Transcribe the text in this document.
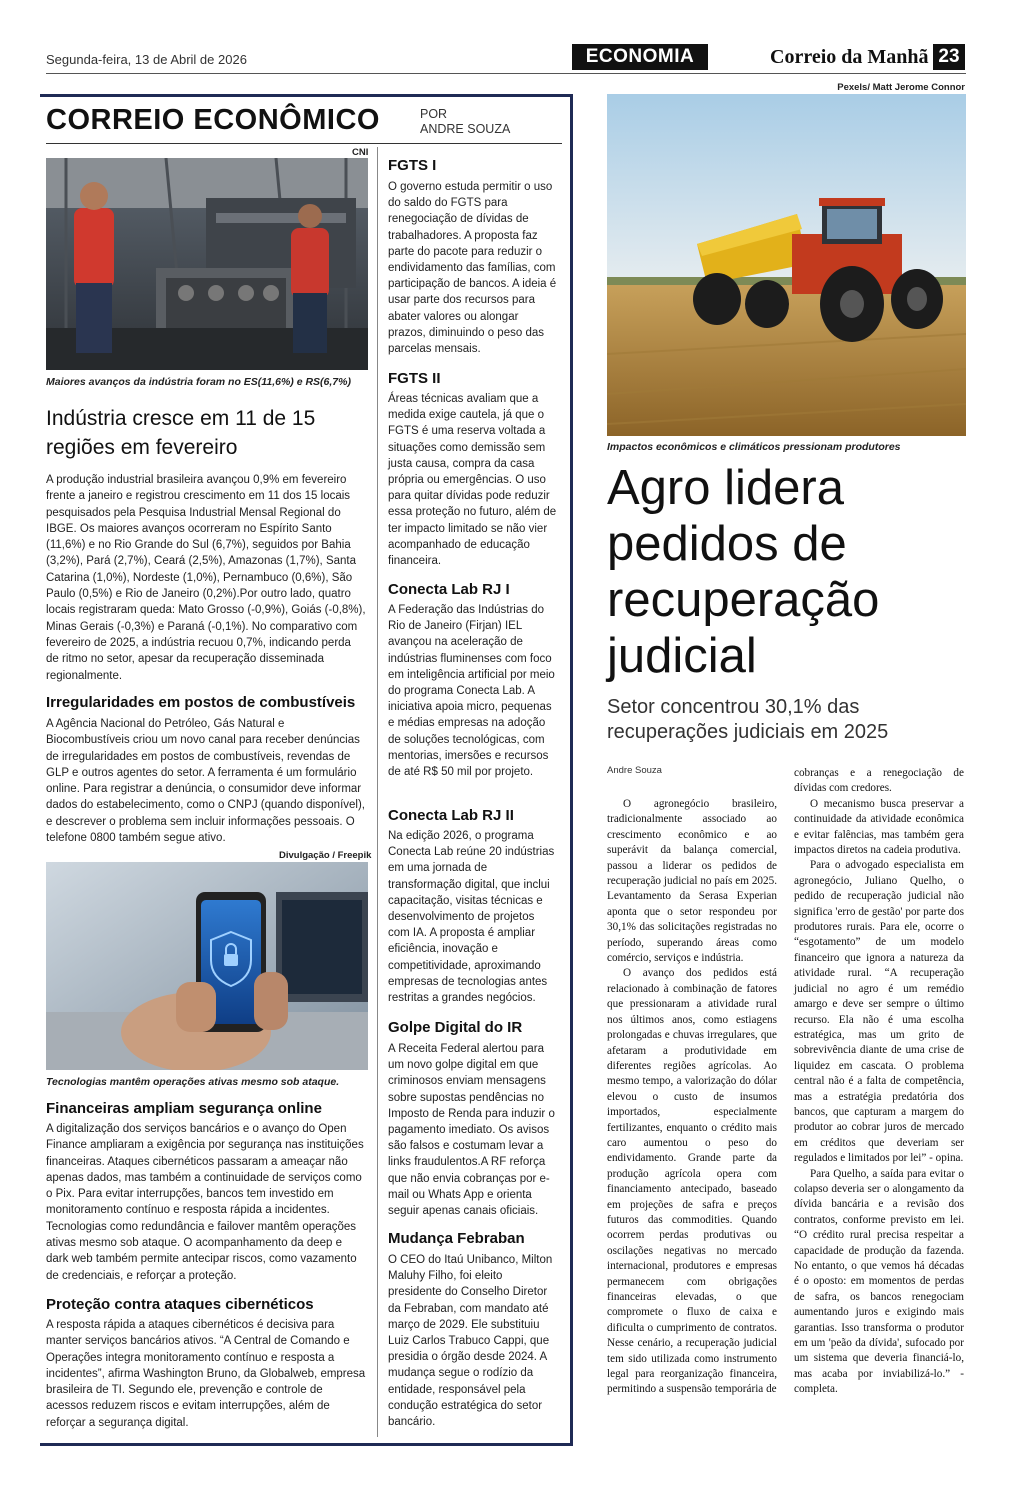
Segunda-feira, 13 de Abril de 2026	ECONOMIA	Correio da Manhã 23
CORREIO ECONÔMICO	POR
ANDRE SOUZA
CNI
Maiores avanços da indústria foram no ES(11,6%) e RS(6,7%)
Indústria cresce em 11 de 15 regiões em fevereiro
A produção industrial brasileira avançou 0,9% em fevereiro frente a janeiro e registrou crescimento em 11 dos 15 locais pesquisados pela Pesquisa Industrial Mensal Regional do IBGE. Os maiores avanços ocorreram no Espírito Santo (11,6%) e no Rio Grande do Sul (6,7%), seguidos por Bahia (3,2%), Pará (2,7%), Ceará (2,5%), Amazonas (1,7%), Santa Catarina (1,0%), Nordeste (1,0%), Pernambuco (0,6%), São Paulo (0,5%) e Rio de Janeiro (0,2%).Por outro lado, quatro locais registraram queda: Mato Grosso (-0,9%), Goiás (-0,8%), Minas Gerais (-0,3%) e Paraná (-0,1%). No comparativo com fevereiro de 2025, a indústria recuou 0,7%, indicando perda de ritmo no setor, apesar da recuperação disseminada regionalmente.
Irregularidades em postos de combustíveis
A Agência Nacional do Petróleo, Gás Natural e Biocombustíveis criou um novo canal para receber denúncias de irregularidades em postos de combustíveis, revendas de GLP e outros agentes do setor. A ferramenta é um formulário online. Para registrar a denúncia, o consumidor deve informar dados do estabelecimento, como o CNPJ (quando disponível), e descrever o problema sem incluir informações pessoais. O telefone 0800 também segue ativo.
Divulgação / Freepik
Tecnologias mantêm operações ativas mesmo sob ataque.
Financeiras ampliam segurança online
A digitalização dos serviços bancários e o avanço do Open Finance ampliaram a exigência por segurança nas instituições financeiras. Ataques cibernéticos passaram a ameaçar não apenas dados, mas também a continuidade de serviços como o Pix. Para evitar interrupções, bancos tem investido em monitoramento contínuo e resposta rápida a incidentes. Tecnologias como redundância e failover mantêm operações ativas mesmo sob ataque. O acompanhamento da deep e dark web também permite antecipar riscos, como vazamento de credenciais, e reforçar a proteção.
Proteção contra ataques cibernéticos
A resposta rápida a ataques cibernéticos é decisiva para manter serviços bancários ativos. “A Central de Comando e Operações integra monitoramento contínuo e resposta a incidentes”, afirma Washington Bruno, da Globalweb, empresa brasileira de TI. Segundo ele, prevenção e controle de acessos reduzem riscos e evitam interrupções, além de reforçar a segurança digital.
FGTS I
O governo estuda permitir o uso do saldo do FGTS para renegociação de dívidas de trabalhadores. A proposta faz parte do pacote para reduzir o endividamento das famílias, com participação de bancos. A ideia é usar parte dos recursos para abater valores ou alongar prazos, diminuindo o peso das parcelas mensais.
FGTS II
Áreas técnicas avaliam que a medida exige cautela, já que o FGTS é uma reserva voltada a situações como demissão sem justa causa, compra da casa própria ou emergências. O uso para quitar dívidas pode reduzir essa proteção no futuro, além de ter impacto limitado se não vier acompanhado de educação financeira.
Conecta Lab RJ I
A Federação das Indústrias do Rio de Janeiro (Firjan) IEL avançou na aceleração de indústrias fluminenses com foco em inteligência artificial por meio do programa Conecta Lab. A iniciativa apoia micro, pequenas e médias empresas na adoção de soluções tecnológicas, com mentorias, imersões e recursos de até R$ 50 mil por projeto.
Conecta Lab RJ II
Na edição 2026, o programa Conecta Lab reúne 20 indústrias em uma jornada de transformação digital, que inclui capacitação, visitas técnicas e desenvolvimento de projetos com IA. A proposta é ampliar eficiência, inovação e competitividade, aproximando empresas de tecnologias antes restritas a grandes negócios.
Golpe Digital do IR
A Receita Federal alertou para um novo golpe digital em que criminosos enviam mensagens sobre supostas pendências no Imposto de Renda para induzir o pagamento imediato. Os avisos são falsos e costumam levar a links fraudulentos.A RF reforça que não envia cobranças por e-mail ou Whats App e orienta seguir apenas canais oficiais.
Mudança Febraban
O CEO do Itaú Unibanco, Milton Maluhy Filho, foi eleito presidente do Conselho Diretor da Febraban, com mandato até março de 2029. Ele substituiu Luiz Carlos Trabuco Cappi, que presidia o órgão desde 2024. A mudança segue o rodízio da entidade, responsável pela condução estratégica do setor bancário.
Pexels/ Matt Jerome Connor
Impactos econômicos e climáticos pressionam produtores
Agro lidera pedidos de recuperação judicial
Setor concentrou 30,1% das recuperações judiciais em 2025
Andre Souza

O agronegócio brasileiro, tradicionalmente associado ao crescimento econômico e ao superávit da balança comercial, passou a liderar os pedidos de recuperação judicial no país em 2025. Levantamento da Serasa Experian aponta que o setor respondeu por 30,1% das solicitações registradas no período, superando áreas como comércio, serviços e indústria.

O avanço dos pedidos está relacionado à combinação de fatores que pressionaram a atividade rural nos últimos anos, como estiagens prolongadas e chuvas irregulares, que afetaram a produtividade em diferentes regiões agrícolas. Ao mesmo tempo, a valorização do dólar elevou o custo de insumos importados, especialmente fertilizantes, enquanto o crédito mais caro aumentou o peso do endividamento. Grande parte da produção agrícola opera com financiamento antecipado, baseado em projeções de safra e preços futuros das commodities. Quando ocorrem perdas produtivas ou oscilações negativas no mercado internacional, produtores e empresas permanecem com obrigações financeiras elevadas, o que compromete o fluxo de caixa e dificulta o cumprimento de contratos. Nesse cenário, a recuperação judicial tem sido utilizada como instrumento legal para reorganização financeira, permitindo a suspensão temporária de

cobranças e a renegociação de dívidas com credores.

O mecanismo busca preservar a continuidade da atividade econômica e evitar falências, mas também gera impactos diretos na cadeia produtiva.

Para o advogado especialista em agronegócio, Juliano Quelho, o pedido de recuperação judicial não significa 'erro de gestão' por parte dos produtores rurais. Para ele, ocorre o “esgotamento” de um modelo financeiro que ignora a natureza da atividade rural. “A recuperação judicial no agro é um remédio amargo e deve ser sempre o último recurso. Ela não é uma escolha estratégica, mas um grito de sobrevivência diante de uma crise de liquidez em cascata. O problema central não é a falta de competência, mas a estratégia predatória dos bancos, que capturam a margem do produtor ao cobrar juros de mercado em créditos que deveriam ser regulados e limitados por lei” - opina.

Para Quelho, a saída para evitar o colapso deveria ser o alongamento da dívida bancária e a revisão dos contratos, conforme previsto em lei. “O crédito rural precisa respeitar a capacidade de produção da fazenda. No entanto, o que vemos há décadas é o oposto: em momentos de perdas de safra, os bancos renegociam aumentando juros e exigindo mais garantias. Isso transforma o produtor em um 'peão da dívida', sufocado por um sistema que deveria financiá-lo, mas acaba por inviabilizá-lo.” - completa.
